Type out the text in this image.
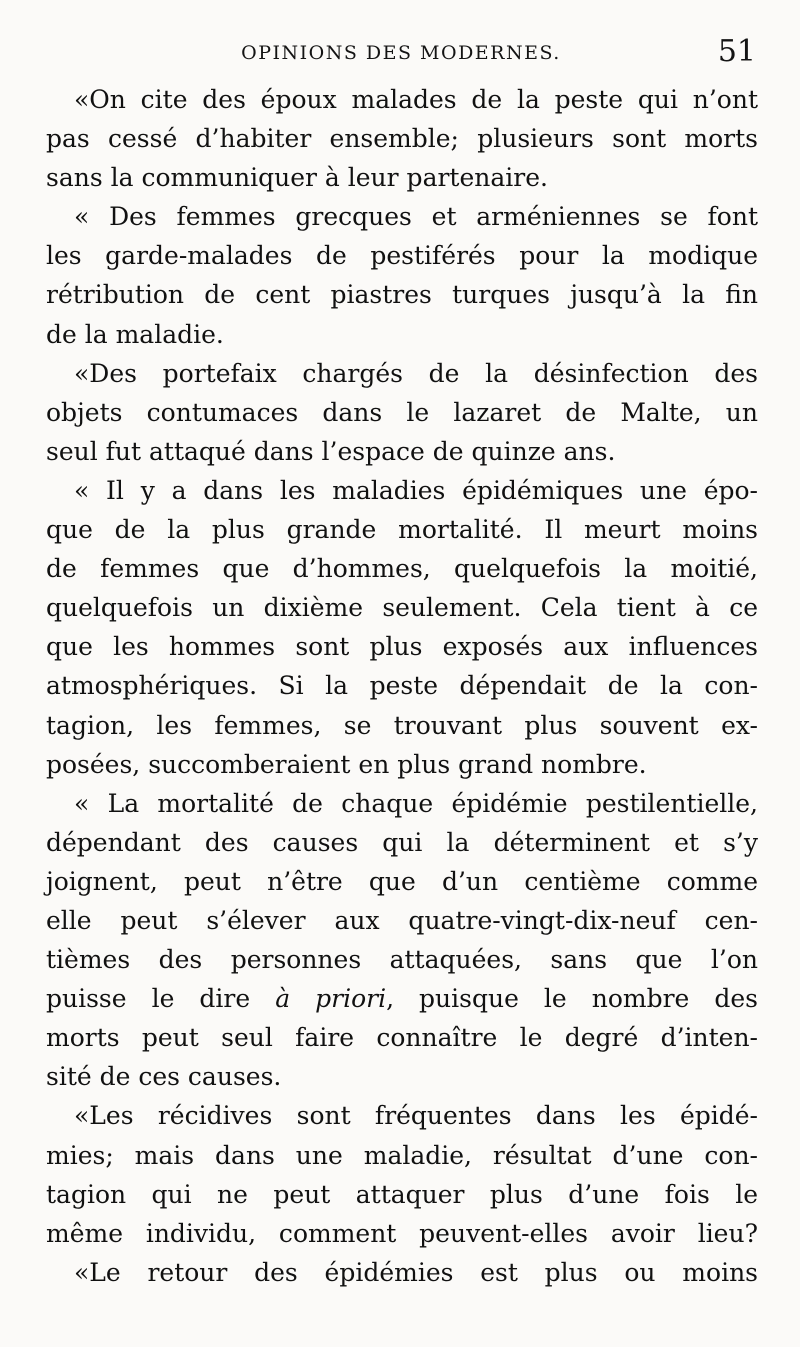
OPINIONS DES MODERNES.	51

«On cite des époux malades de la peste qui n’ont
pas cessé d’habiter ensemble; plusieurs sont morts
sans la communiquer à leur partenaire.

« Des femmes grecques et arméniennes se font
les garde-malades de pestiférés pour la modique
rétribution de cent piastres turques jusqu’à la fin
de la maladie.

«Des portefaix chargés de la désinfection des
objets contumaces dans le lazaret de Malte, un
seul fut attaqué dans l’espace de quinze ans.

« Il y a dans les maladies épidémiques une épo-
que de la plus grande mortalité. Il meurt moins
de femmes que d’hommes, quelquefois la moitié,
quelquefois un dixième seulement. Cela tient à ce
que les hommes sont plus exposés aux influences
atmosphériques. Si la peste dépendait de la con-
tagion, les femmes, se trouvant plus souvent ex-
posées, succomberaient en plus grand nombre.

« La mortalité de chaque épidémie pestilentielle,
dépendant des causes qui la déterminent et s’y
joignent, peut n’être que d’un centième comme
elle peut s’élever aux quatre-vingt-dix-neuf cen-
tièmes des personnes attaquées, sans que l’on
puisse le dire à priori, puisque le nombre des
morts peut seul faire connaître le degré d’inten-
sité de ces causes.

«Les récidives sont fréquentes dans les épidé-
mies; mais dans une maladie, résultat d’une con-
tagion qui ne peut attaquer plus d’une fois le
même individu, comment peuvent-elles avoir lieu?

«Le retour des épidémies est plus ou moins
